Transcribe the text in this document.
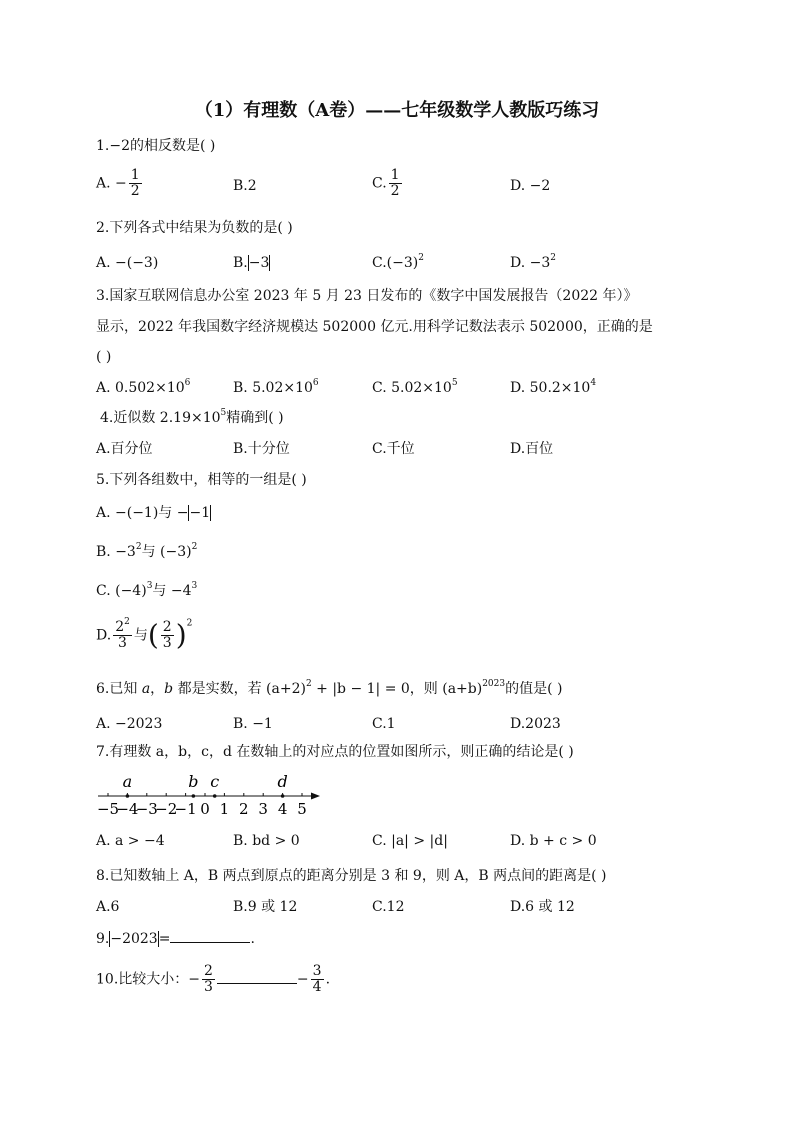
（1）有理数（A卷）——七年级数学人教版巧练习
1.−2的相反数是( )
A. − $\frac{1}{2}$	B.2	C. $\frac{1}{2}$	D. −2
2.下列各式中结果为负数的是( )
A. −(−3)	B.−3	$C.(-3)^2$	D. $-3^2$
3.国家互联网信息办公室 2023 年 5 月 23 日发布的《数字中国发展报告（2022 年）》
显示，2022 年我国数字经济规模达 502000 亿元.用科学记数法表示 502000，正确的是
( )
A. $0.502\times 10^6$	B. $5.02\times 10^6$	C. $5.02\times 10^5$	D. $50.2\times 10^4$
4.近似数 $2.19\times 10^5$精确到( )
A.百分位	B.十分位	C.千位	D.百位
5.下列各组数中，相等的一组是( )
A. −(−1)与 −−1
B. $-3^2$与 $(-3)^2$
C. $(-4)^3$与 $-4^3$
D. $\frac{2^2}{3}$ 与( $\frac{2}{3} )^2$
6.已知 a，b 都是实数，若 $(a+2)^2 + |b - 1| = 0$，则 $(a+b)^{2023}$的值是( )
A. −2023	B. −1	C.1	D.2023
7.有理数 a，b，c，d 在数轴上的对应点的位置如图所示，则正确的结论是( )
−5
−4
−3
−2
−1 0 1 2 3 4 5
a	b c	d
A. a > −4	B. bd > 0	C. |a| > |d|	D. b + c > 0
8.已知数轴上 A，B 两点到原点的距离分别是 3 和 9，则 A，B 两点间的距离是( )
A.6	B.9 或 12	C.12	D.6 或 12
9.−2023=	.
10.比较大小：− $\frac{2}{3}$	− $\frac{3}{4}$ .
